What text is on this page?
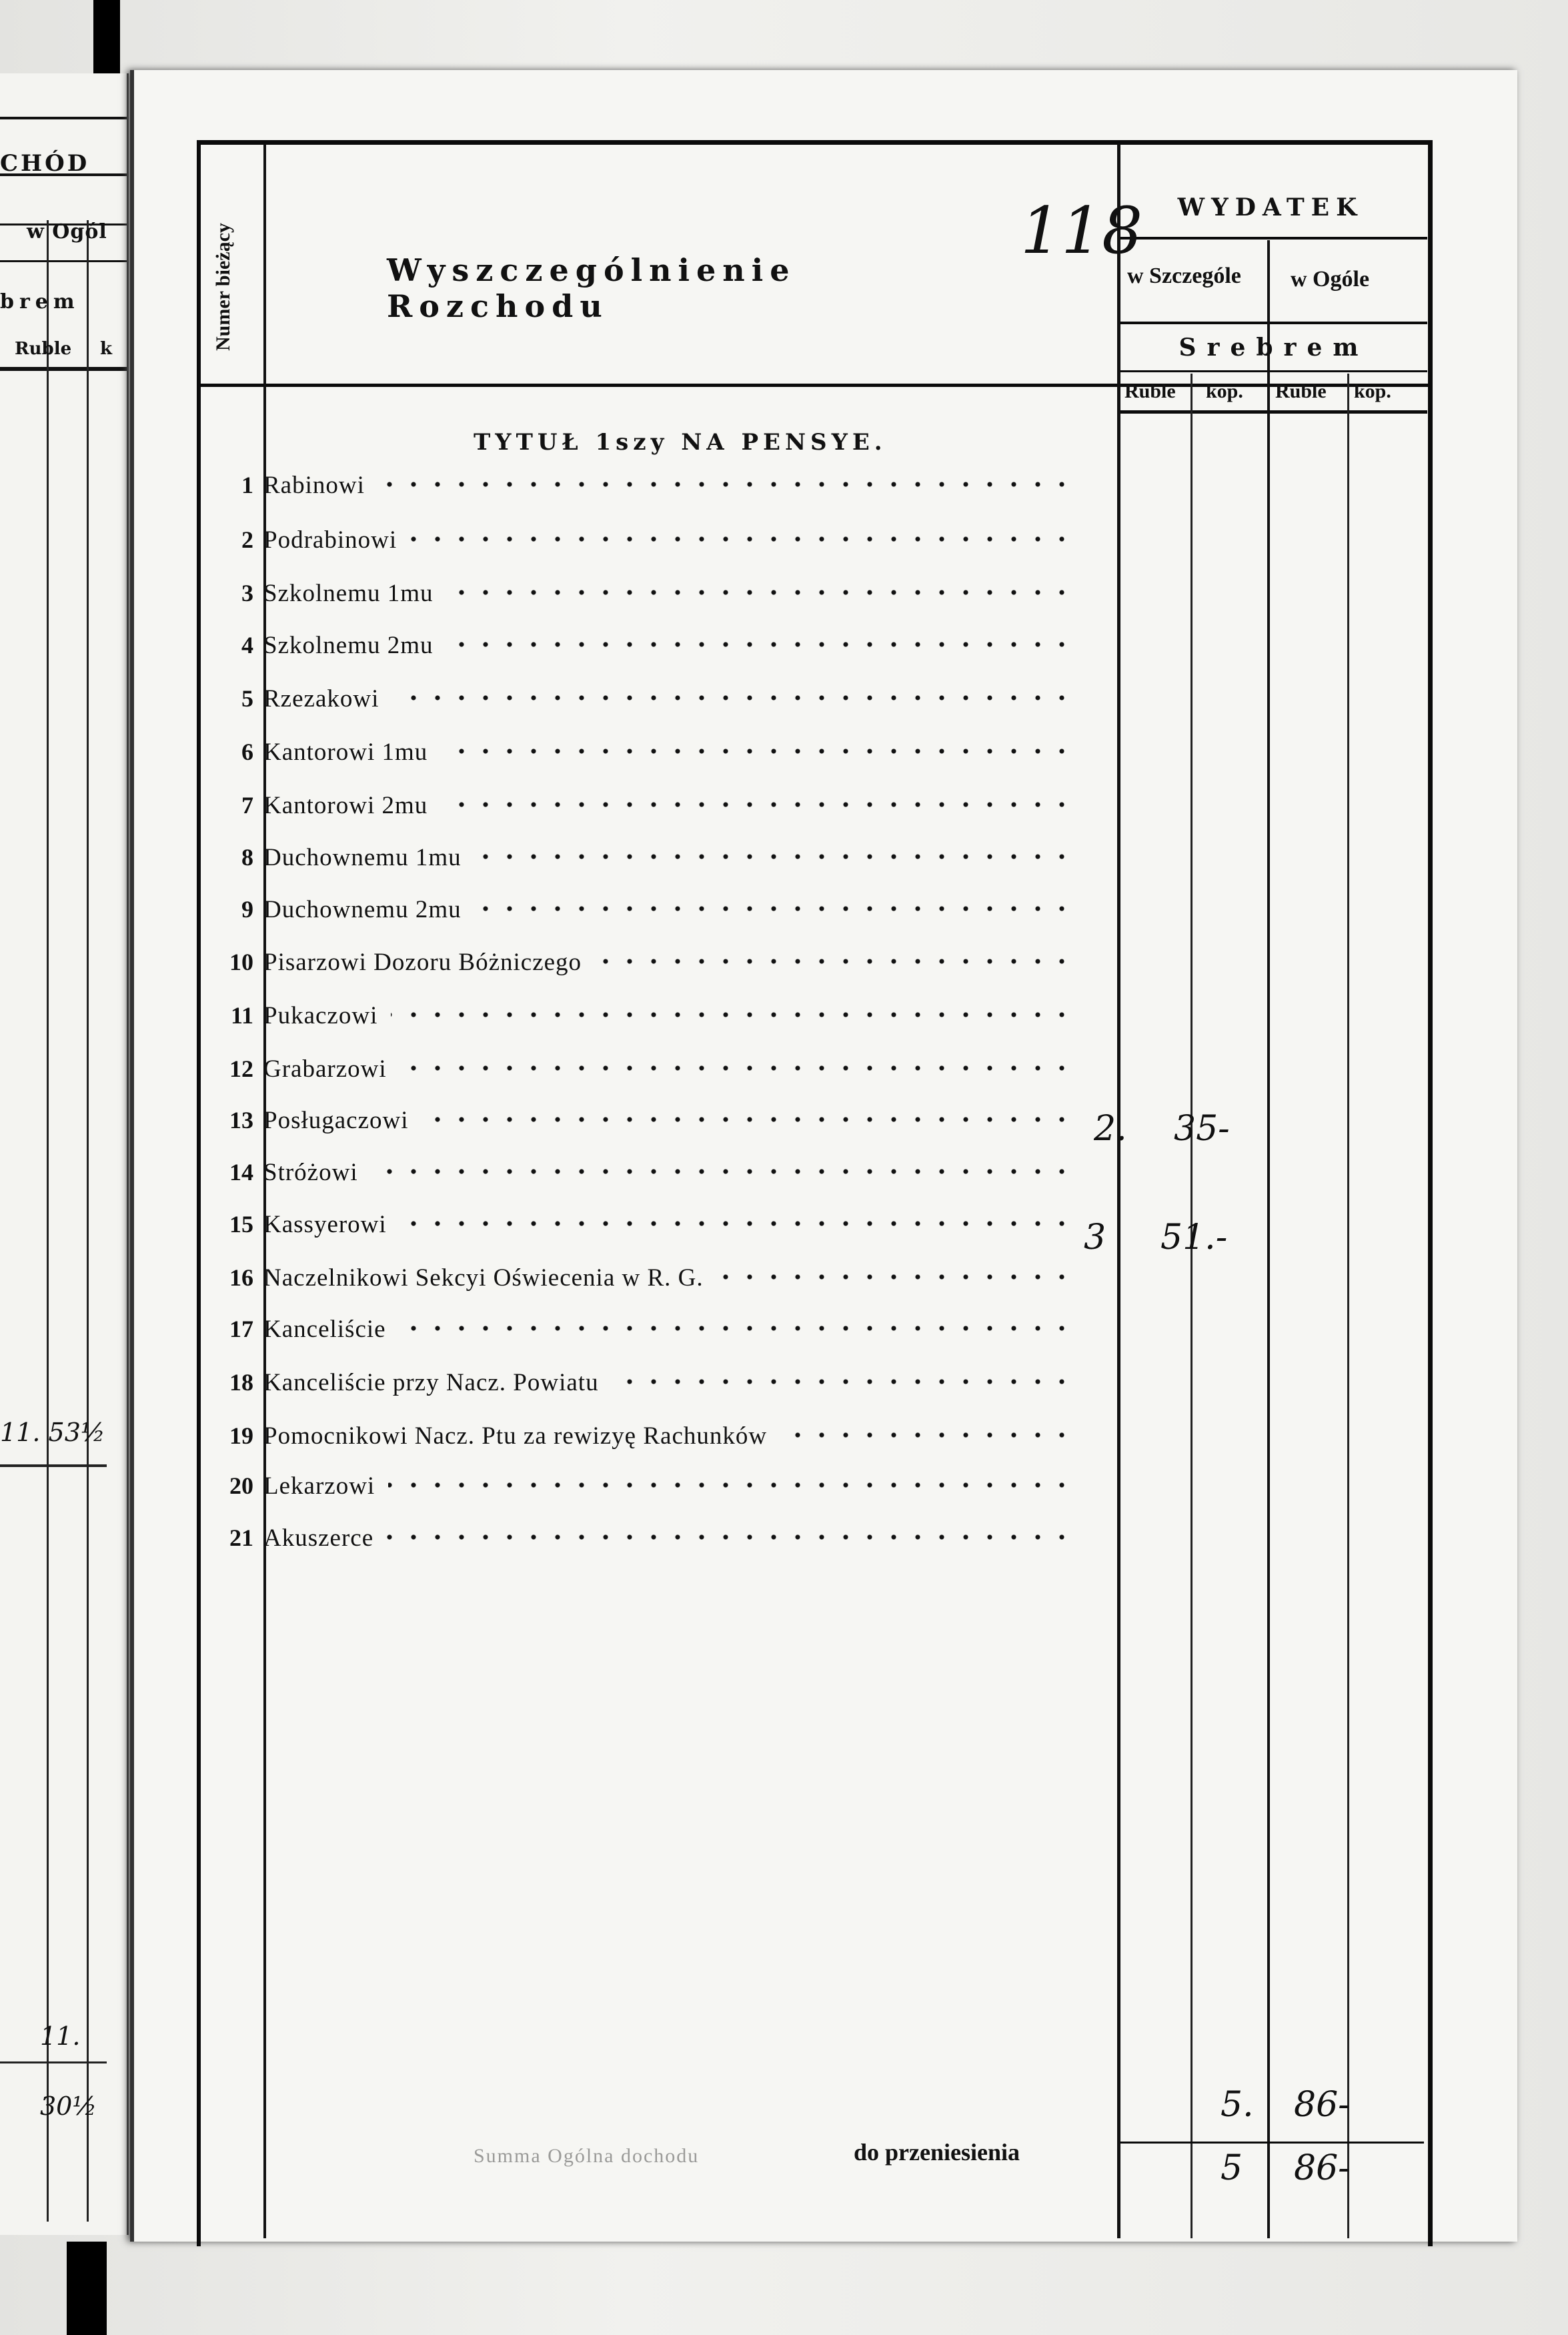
CHÓD
w Ogól
brem
Ruble k
11. 53½
11.
30½
Numer bieżący	Wyszczególnienie Rozchodu
118	WYDATEK
w Szczególe w Ogóle
Srebrem
Ruble kop. Ruble kop.
TYTUŁ 1szy NA PENSYE.
1 Rabinowi
2 Podrabinowi
3 Szkolnemu 1mu
4 Szkolnemu 2mu
5 Rzezakowi
6 Kantorowi 1mu
7 Kantorowi 2mu
8 Duchownemu 1mu
9 Duchownemu 2mu
10 Pisarzowi Dozoru Bóżniczego
11 Pukaczowi
12 Grabarzowi
13 Posługaczowi
14 Stróżowi
15 Kassyerowi
16 Naczelnikowi Sekcyi Oświecenia w R. G.
17 Kanceliście
18 Kanceliście przy Nacz. Powiatu
19 Pomocnikowi Nacz. Ptu za rewizyę Rachunków
20 Lekarzowi
21 Akuszerce
2. 35-
3 51.-
5. 86-
5 86-
do przeniesienia
Summa Ogólna dochodu
